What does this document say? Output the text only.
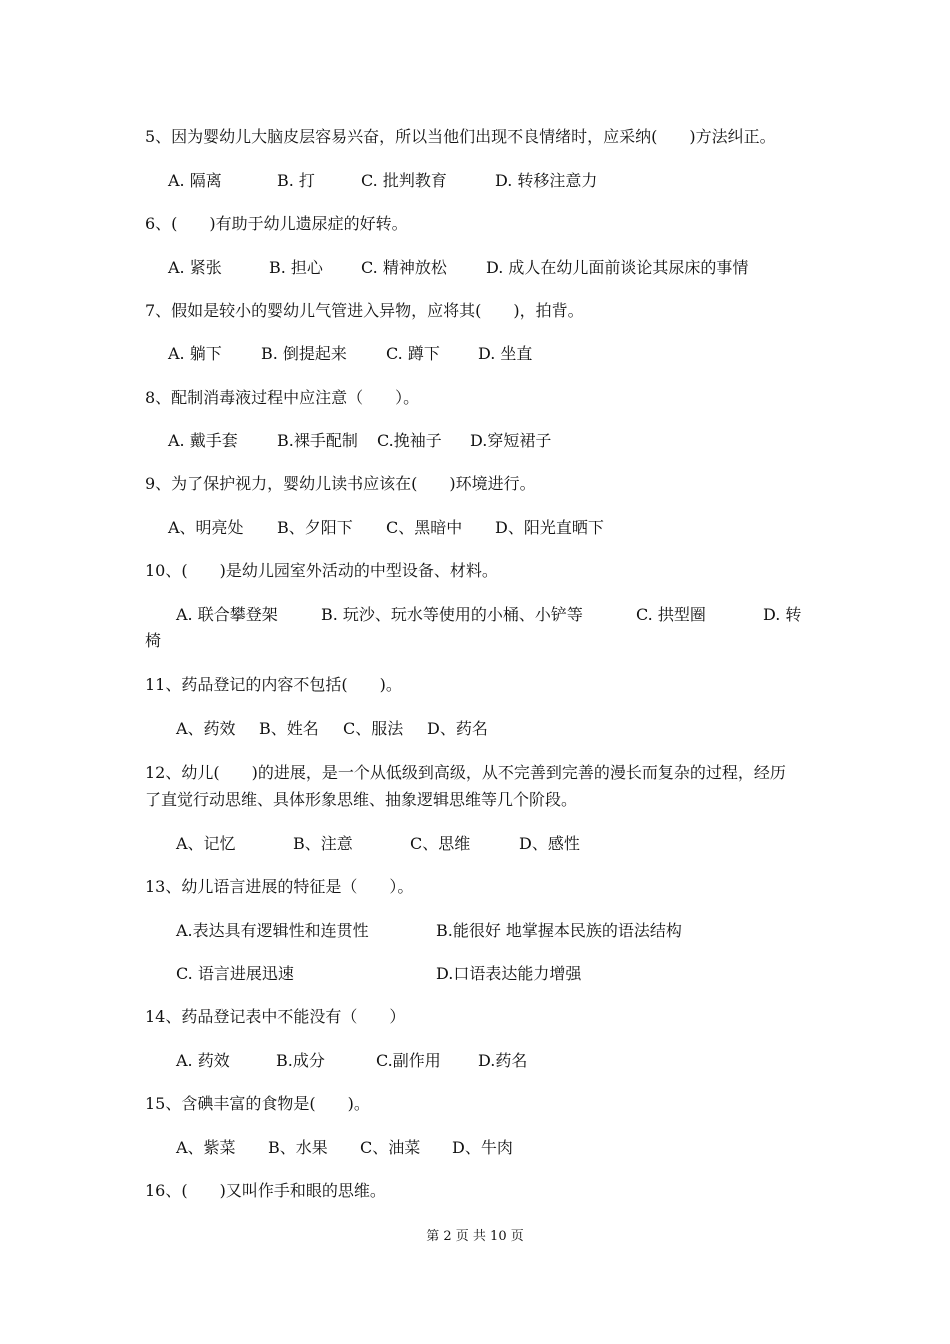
5、因为婴幼儿大脑皮层容易兴奋，所以当他们出现不良情绪时，应采纳(　　)方法纠正。

A. 隔离

	B. 打

	C. 批判教育

	D. 转移注意力

6、(　　)有助于幼儿遗尿症的好转。

A. 紧张

	B. 担心

C. 精神放松

D. 成人在幼儿面前谈论其尿床的事情

7、假如是较小的婴幼儿气管进入异物，应将其(　　)，拍背。

A. 躺下

B. 倒提起来

C. 蹲下

D. 坐直

8、配制消毒液过程中应注意（　　）。

A. 戴手套

B.裸手配制

C.挽袖子

D.穿短裙子

9、为了保护视力，婴幼儿读书应该在(　　)环境进行。

A、明亮处

B、夕阳下

C、黑暗中

D、阳光直晒下

10、(　　)是幼儿园室外活动的中型设备、材料。

A. 联合攀登架

	B. 玩沙、玩水等使用的小桶、小铲等

	C. 拱型圈

	D. 转

椅

11、药品登记的内容不包括(　　)。

A、药效

B、姓名

C、服法

D、药名

12、幼儿(　　)的进展，是一个从低级到高级，从不完善到完善的漫长而复杂的过程，经历

了直觉行动思维、具体形象思维、抽象逻辑思维等几个阶段。

A、记忆

	B、注意

	C、思维

	D、感性

13、幼儿语言进展的特征是（　　）。

A.表达具有逻辑性和连贯性

	B.能很好 地掌握本民族的语法结构

C. 语言进展迅速

	D.口语表达能力增强

14、药品登记表中不能没有（　　）

A. 药效

	B.成分

	C.副作用

D.药名

15、含碘丰富的食物是(　　)。

A、紫菜

B、水果

C、油菜

D、牛肉

16、(　　)又叫作手和眼的思维。

第 2 页 共 10 页
